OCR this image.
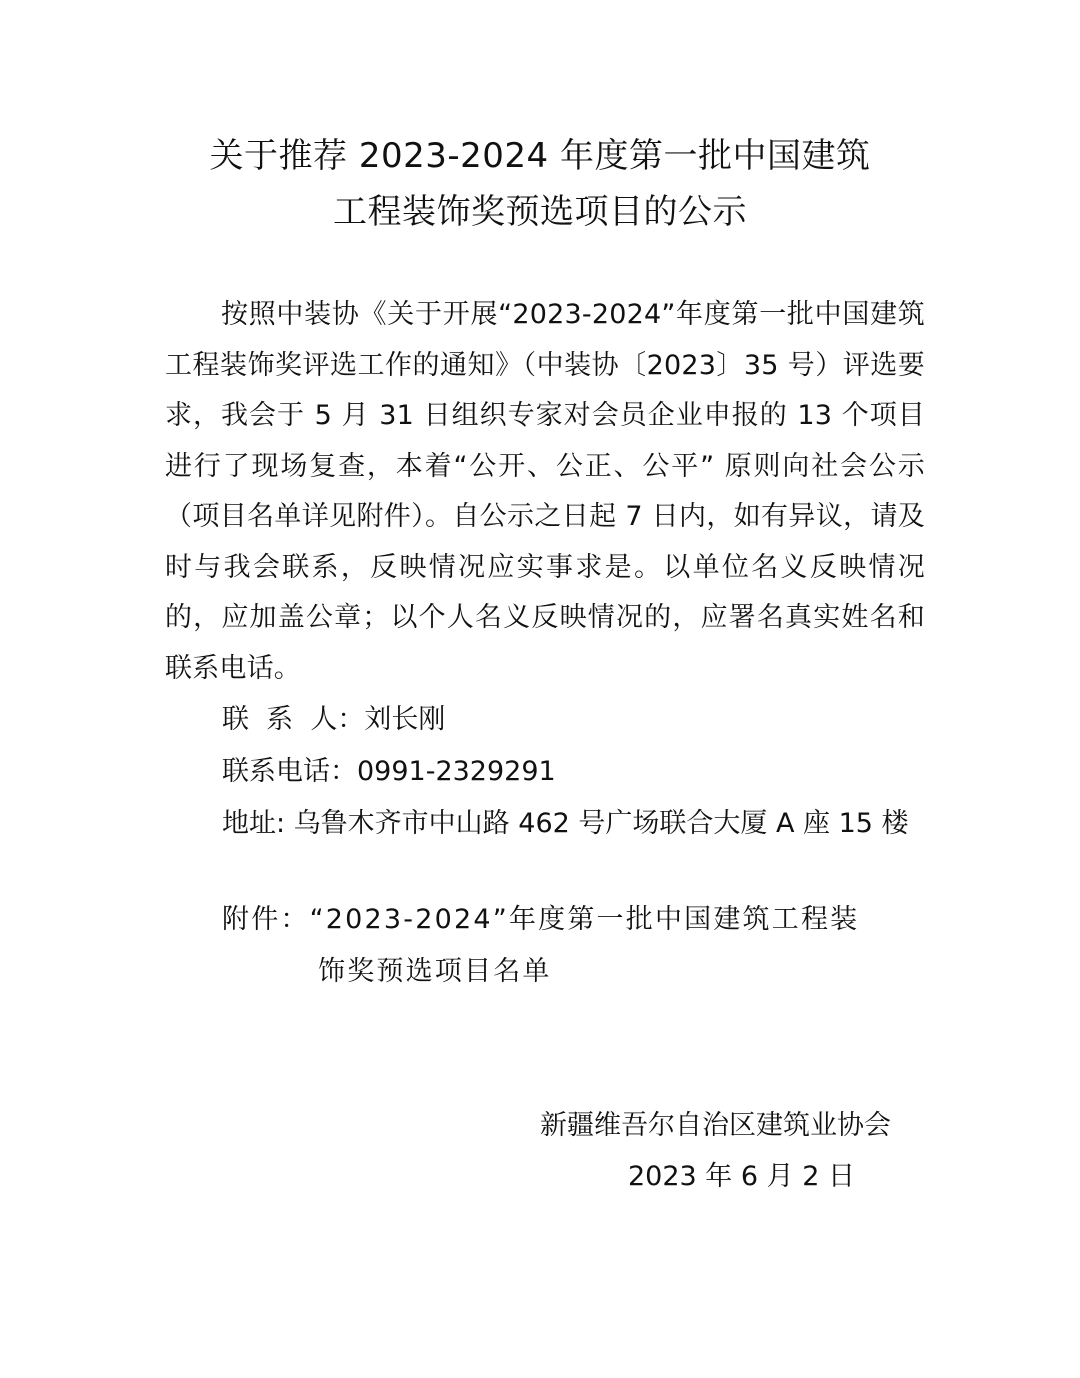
关于推荐 2023-2024 年度第一批中国建筑
工程装饰奖预选项目的公示
按照中装协《关于开展“2023-2024”年度第一批中国建筑工程装饰奖评选工作的通知》（中装协〔2023〕35 号）评选要求，我会于 5 月 31 日组织专家对会员企业申报的 13 个项目进行了现场复查，本着“公开、公正、公平” 原则向社会公示（项目名单详见附件）。自公示之日起 7 日内，如有异议，请及时与我会联系，反映情况应实事求是。以单位名义反映情况的，应加盖公章；以个人名义反映情况的，应署名真实姓名和联系电话。
联  系  人：刘长刚
联系电话：0991-2329291
地址: 乌鲁木齐市中山路 462 号广场联合大厦 A 座 15 楼
附件：“2023-2024”年度第一批中国建筑工程装
饰奖预选项目名单
新疆维吾尔自治区建筑业协会
2023 年 6 月 2 日
